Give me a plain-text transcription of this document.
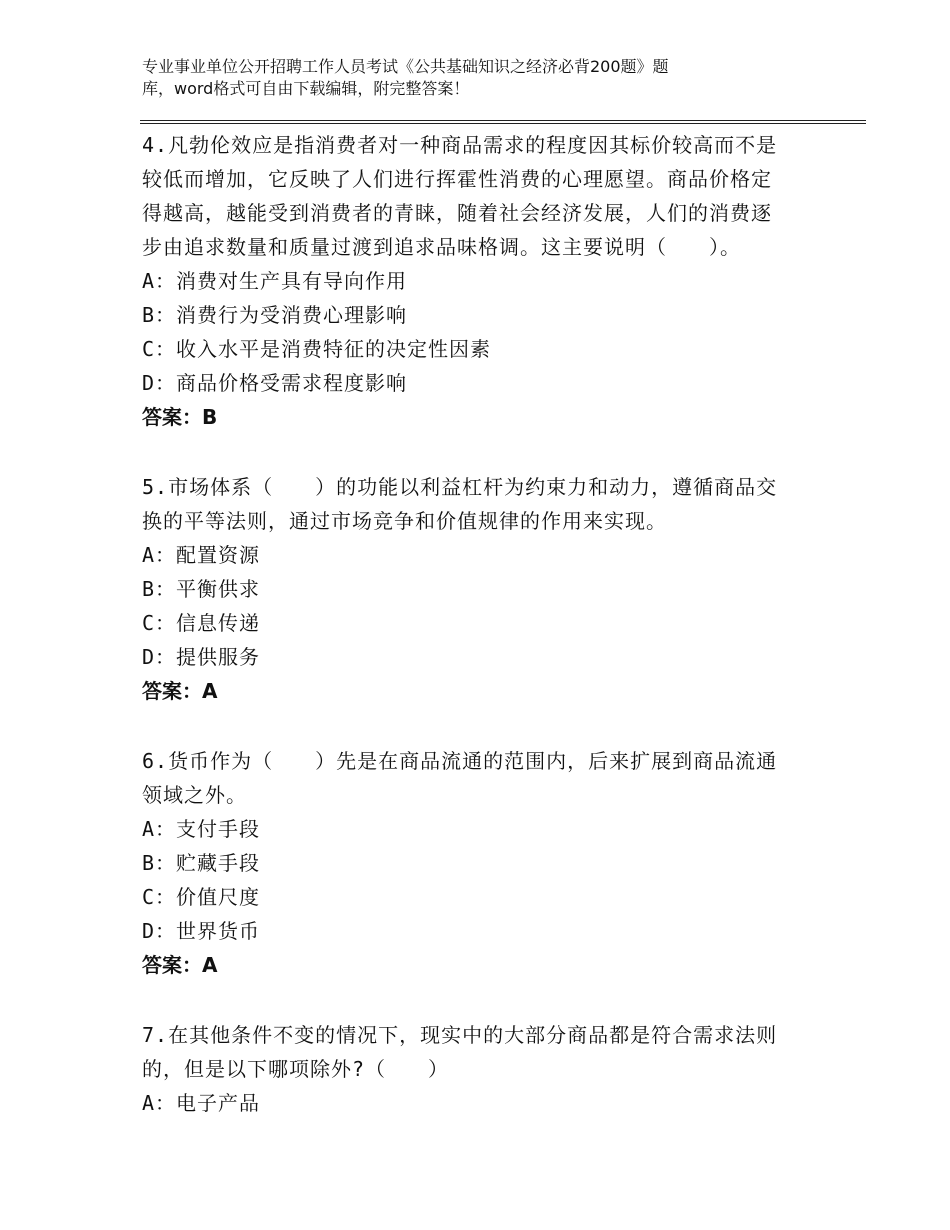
专业事业单位公开招聘工作人员考试《公共基础知识之经济必背200题》题
库，word格式可自由下载编辑，附完整答案！

4.凡勃伦效应是指消费者对一种商品需求的程度因其标价较高而不是

较低而增加，它反映了人们进行挥霍性消费的心理愿望。商品价格定

得越高，越能受到消费者的青睐，随着社会经济发展，人们的消费逐

步由追求数量和质量过渡到追求品味格调。这主要说明（　　）。

A：消费对生产具有导向作用

B：消费行为受消费心理影响

C：收入水平是消费特征的决定性因素

D：商品价格受需求程度影响

答案：B

5.市场体系（　　）的功能以利益杠杆为约束力和动力，遵循商品交

换的平等法则，通过市场竞争和价值规律的作用来实现。

A：配置资源

B：平衡供求

C：信息传递

D：提供服务

答案：A

6.货币作为（　　）先是在商品流通的范围内，后来扩展到商品流通

领域之外。

A：支付手段

B：贮藏手段

C：价值尺度

D：世界货币

答案：A

7.在其他条件不变的情况下，现实中的大部分商品都是符合需求法则

的，但是以下哪项除外?（　　）

A：电子产品
